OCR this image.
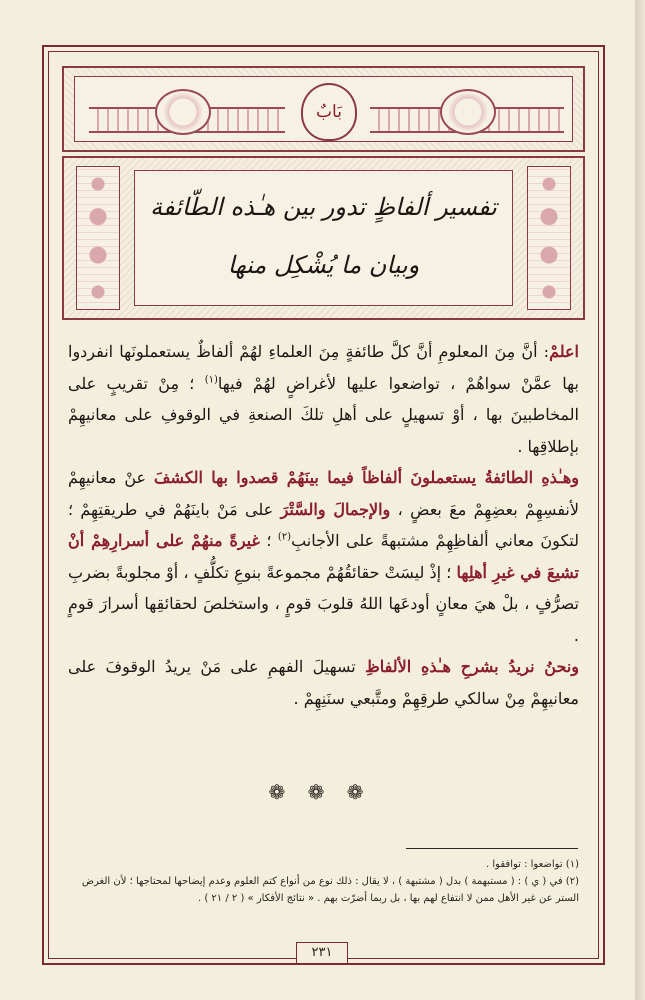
بَابٌ
تفسير ألفاظٍ تدور بين هـٰذه الطّائفة
وبيان ما يُشْكِل منها

اعلمْ: أنَّ مِنَ المعلومِ أنَّ كلَّ طائفةٍ مِنَ العلماءِ لهُمْ ألفاظٌ يستعملونَها انفردوا بها عمَّنْ سواهُمْ ، تواضعوا عليها لأغراضٍ لهُمْ فيها$^{(١)}$ ؛ مِنْ تقريبٍ على المخاطبينَ بها ، أوْ تسهيلٍ على أهلِ تلكَ الصنعةِ في الوقوفِ على معانيهِمْ بإطلاقِها .

وهـٰذهِ الطائفةُ يستعملونَ ألفاظاً فيما بينَهُمْ قصدوا بها الكشفَ عنْ معانيهِمْ لأنفسِهِمْ بعضِهِمْ معَ بعضٍ ، والإجمالَ والسَّتْرَ على مَنْ باينَهُمْ في طريقتِهِمْ ؛ لتكونَ معاني ألفاظِهِمْ مشتبهةً على الأجانبِ$^{(٢)}$ ؛ غيرةً منهُمْ على أسرارِهِمْ أنْ تشيعَ في غيرِ أهلِها ؛ إذْ ليسَتْ حقائقُهُمْ مجموعةً بنوعِ تكلُّفٍ ، أوْ مجلوبةً بضربِ تصرُّفٍ ، بلْ هيَ معانٍ أودعَها اللهُ قلوبَ قومٍ ، واستخلصَ لحقائقِها أسرارَ قومٍ .

ونحنُ نريدُ بشرحِ هـٰذهِ الألفاظِ تسهيلَ الفهمِ على مَنْ يريدُ الوقوفَ على معانيهِمْ مِنْ سالكي طرقِهِمْ ومتَّبعي سنَنِهِمْ .

❁ ❁ ❁

(١) تواضعوا : توافقوا .

(٢) في ( ي ) : ( مستبهمة ) بدل ( مشتبهة ) ، لا يقال : ذلك نوع من أنواع كتم العلوم وعدم إيضاحها لمحتاجها ؛ لأن الغرض الستر عن غير الأهل ممن لا انتفاع لهم بها ، بل ربما أضرّت بهم . « نتائج الأفكار » ( ٢ / ٢١ ) .

٢٣١
